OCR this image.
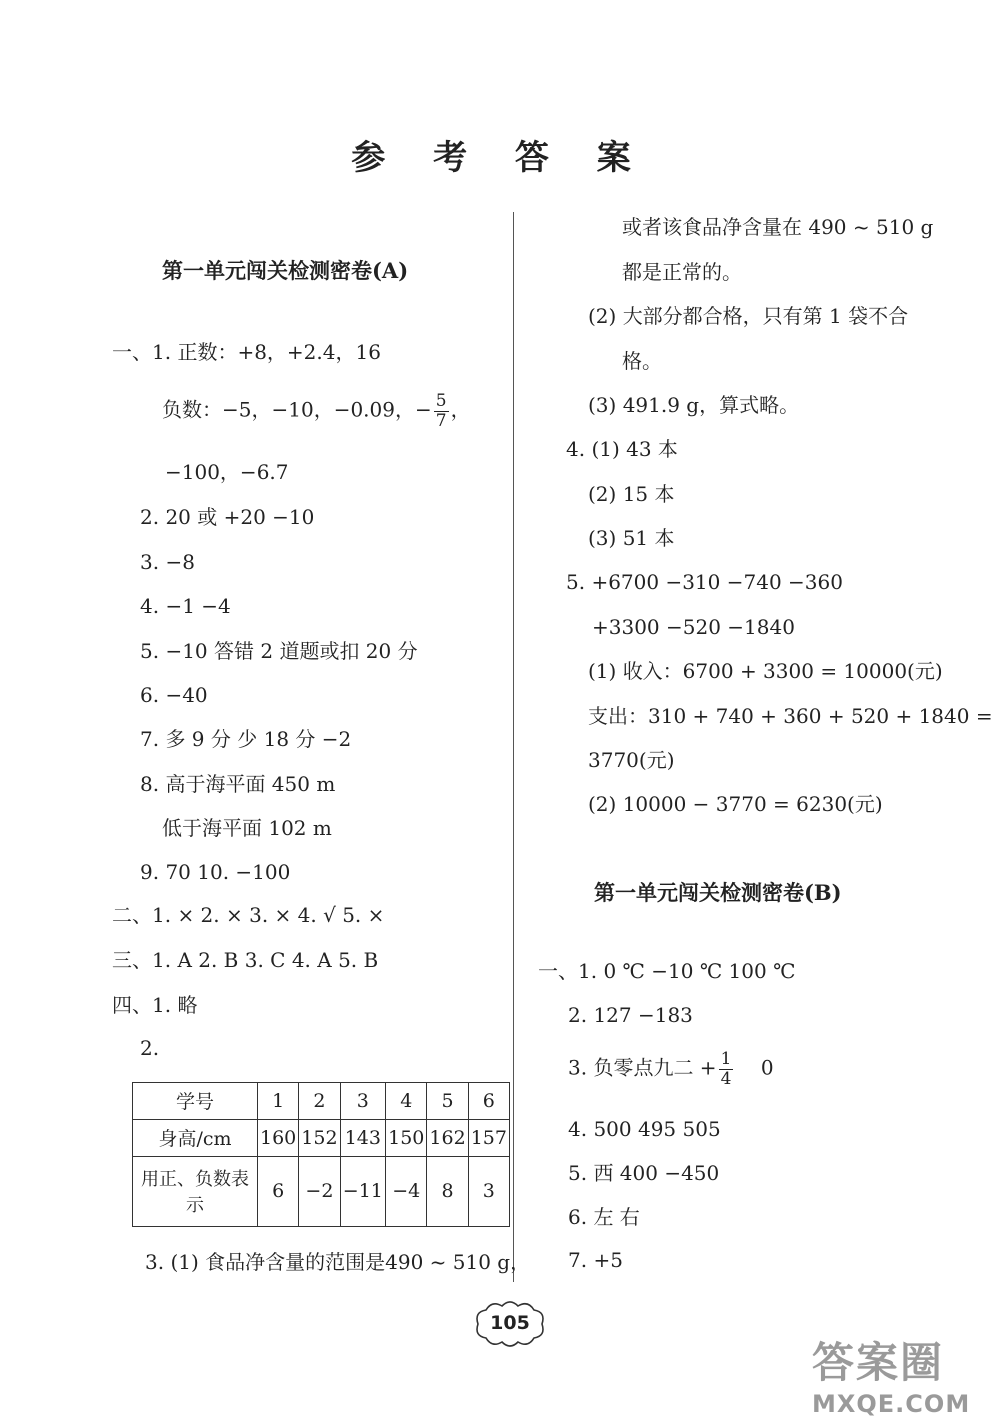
参 考 答 案
第一单元闯关检测密卷(A)
一、1. 正数：+8，+2.4，16
负数：−5，−10，−0.09，− $\frac{5}{7}$ ，
−100，−6.7
2. 20 或 +20 −10
3. −8
4. −1 −4
5. −10 答错 2 道题或扣 20 分
6. −40
7. 多 9 分 少 18 分 −2
8. 高于海平面 450 m
低于海平面 102 m
9. 70 10. −100
二、1. × 2. × 3. × 4. √ 5. ×
三、1. A 2. B 3. C 4. A 5. B
四、1. 略
2.
学号	1	2	3	4	5	6
身高/cm	160	152	143	150	162	157
用正、负数表示	6	−2	−11	−4	8	3
3. (1) 食品净含量的范围是490 ~ 510 g，
或者该食品净含量在 490 ~ 510 g
都是正常的。
(2) 大部分都合格，只有第 1 袋不合
格。
(3) 491.9 g，算式略。
4. (1) 43 本
(2) 15 本
(3) 51 本
5. +6700 −310 −740 −360
+3300 −520 −1840
(1) 收入：6700 + 3300 = 10000(元)
支出：310 + 740 + 360 + 520 + 1840 =
3770(元)
(2) 10000 − 3770 = 6230(元)
第一单元闯关检测密卷(B)
一、1. 0 ℃ −10 ℃ 100 ℃
2. 127 −183
3. 负零点九二 + $\frac{1}{4} 0$
4. 500 495 505
5. 西 400 −450
6. 左 右
7. +5
105
答案圈
MXQE.COM
